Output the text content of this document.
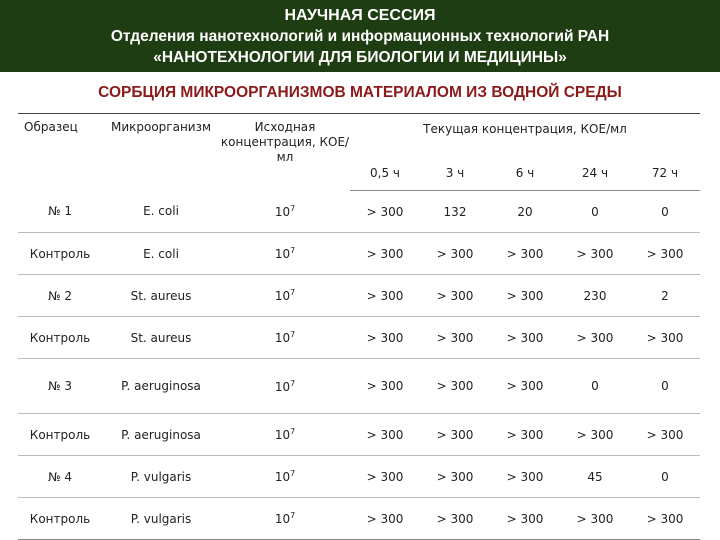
НАУЧНАЯ СЕССИЯ
Отделения нанотехнологий и информационных технологий РАН
«НАНОТЕХНОЛОГИИ ДЛЯ БИОЛОГИИ И МЕДИЦИНЫ»
СОРБЦИЯ МИКРООРГАНИЗМОВ МАТЕРИАЛОМ ИЗ ВОДНОЙ СРЕДЫ
Образец	Микроорганизм	Исходная концентрация, КОЕ/мл	Текущая концентрация, КОЕ/мл				
			0,5 ч	3 ч	6 ч	24 ч	72 ч
№ 1	E. coli	$10^7$	> 300	132	20	0	0
Контроль	E. coli	$10^7$	> 300	> 300	> 300	> 300	> 300
№ 2	St. aureus	$10^7$	> 300	> 300	> 300	230	2
Контроль	St. aureus	$10^7$	> 300	> 300	> 300	> 300	> 300
№ 3	P. aeruginosa	$10^7$	> 300	> 300	> 300	0	0
Контроль	P. aeruginosa	$10^7$	> 300	> 300	> 300	> 300	> 300
№ 4	P. vulgaris	$10^7$	> 300	> 300	> 300	45	0
Контроль	P. vulgaris	$10^7$	> 300	> 300	> 300	> 300	> 300
